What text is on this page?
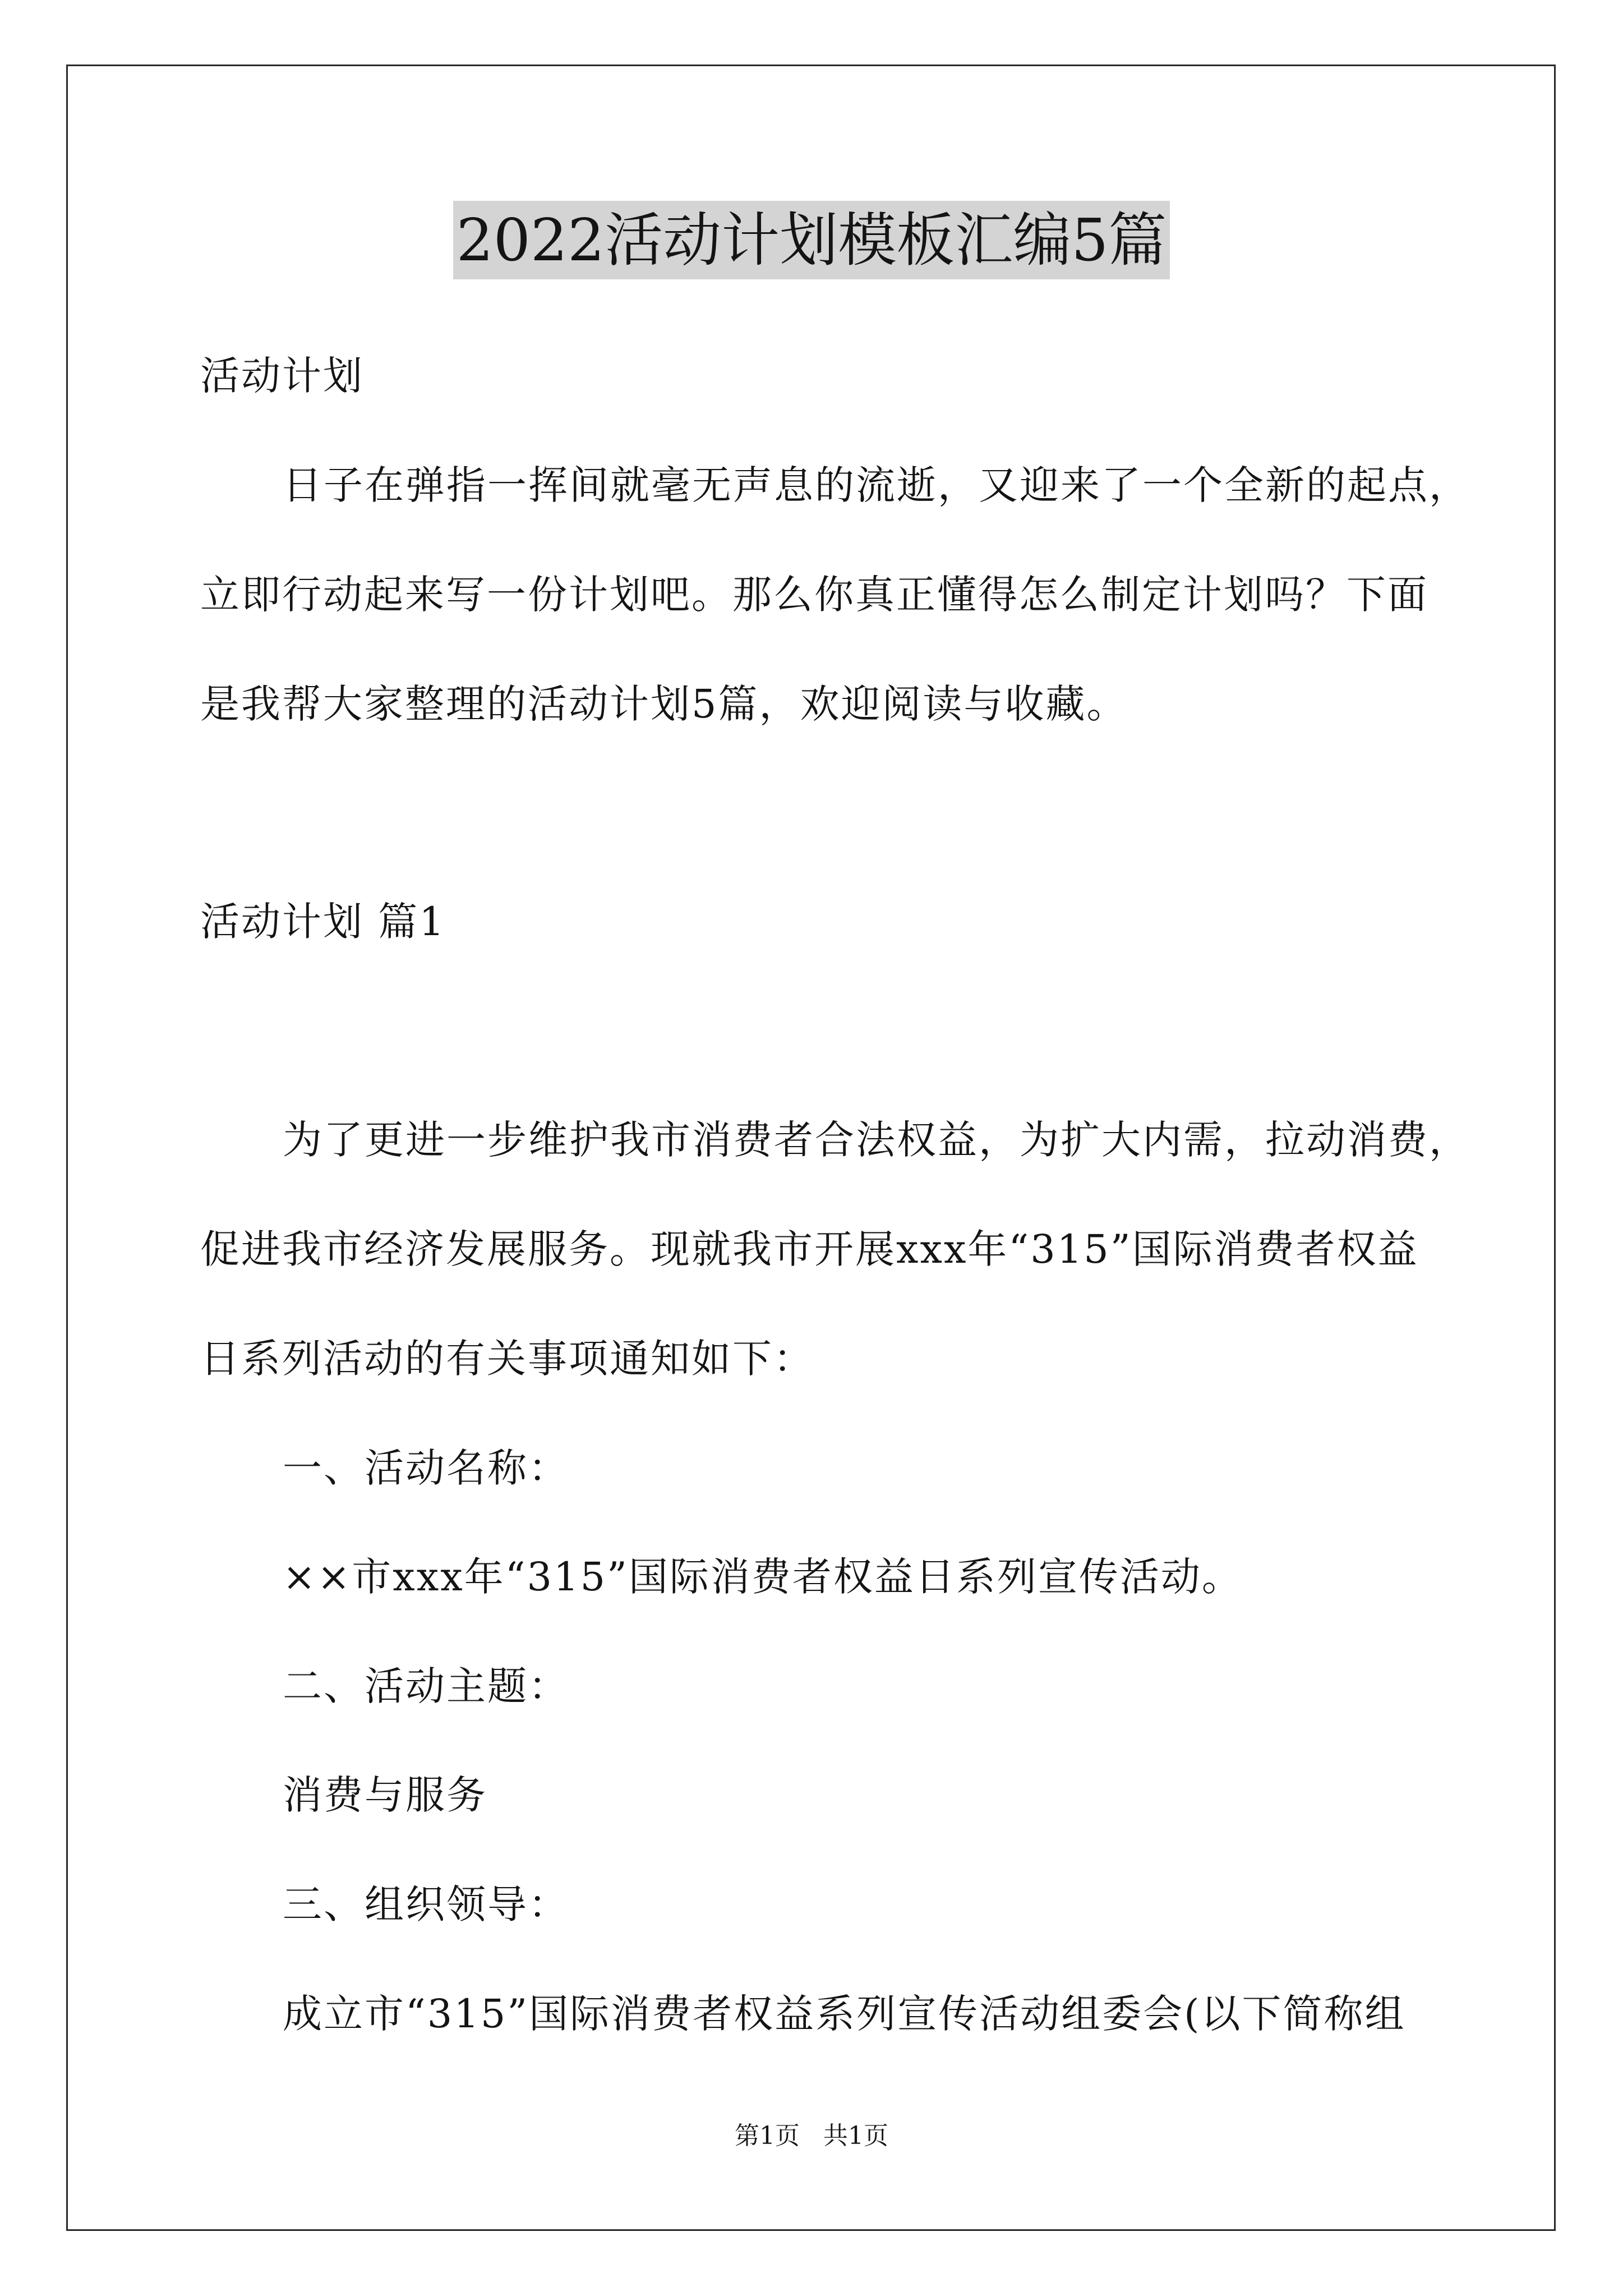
2022活动计划模板汇编5篇

活动计划

日子在弹指一挥间就毫无声息的流逝，又迎来了一个全新的起点，

立即行动起来写一份计划吧。那么你真正懂得怎么制定计划吗？下面

是我帮大家整理的活动计划5篇，欢迎阅读与收藏。

活动计划 篇1

为了更进一步维护我市消费者合法权益，为扩大内需，拉动消费，

促进我市经济发展服务。现就我市开展xxx年“315”国际消费者权益

日系列活动的有关事项通知如下：

一、活动名称：

××市xxx年“315”国际消费者权益日系列宣传活动。

二、活动主题：

消费与服务

三、组织领导：

成立市“315”国际消费者权益系列宣传活动组委会(以下简称组

第1页   共1页
